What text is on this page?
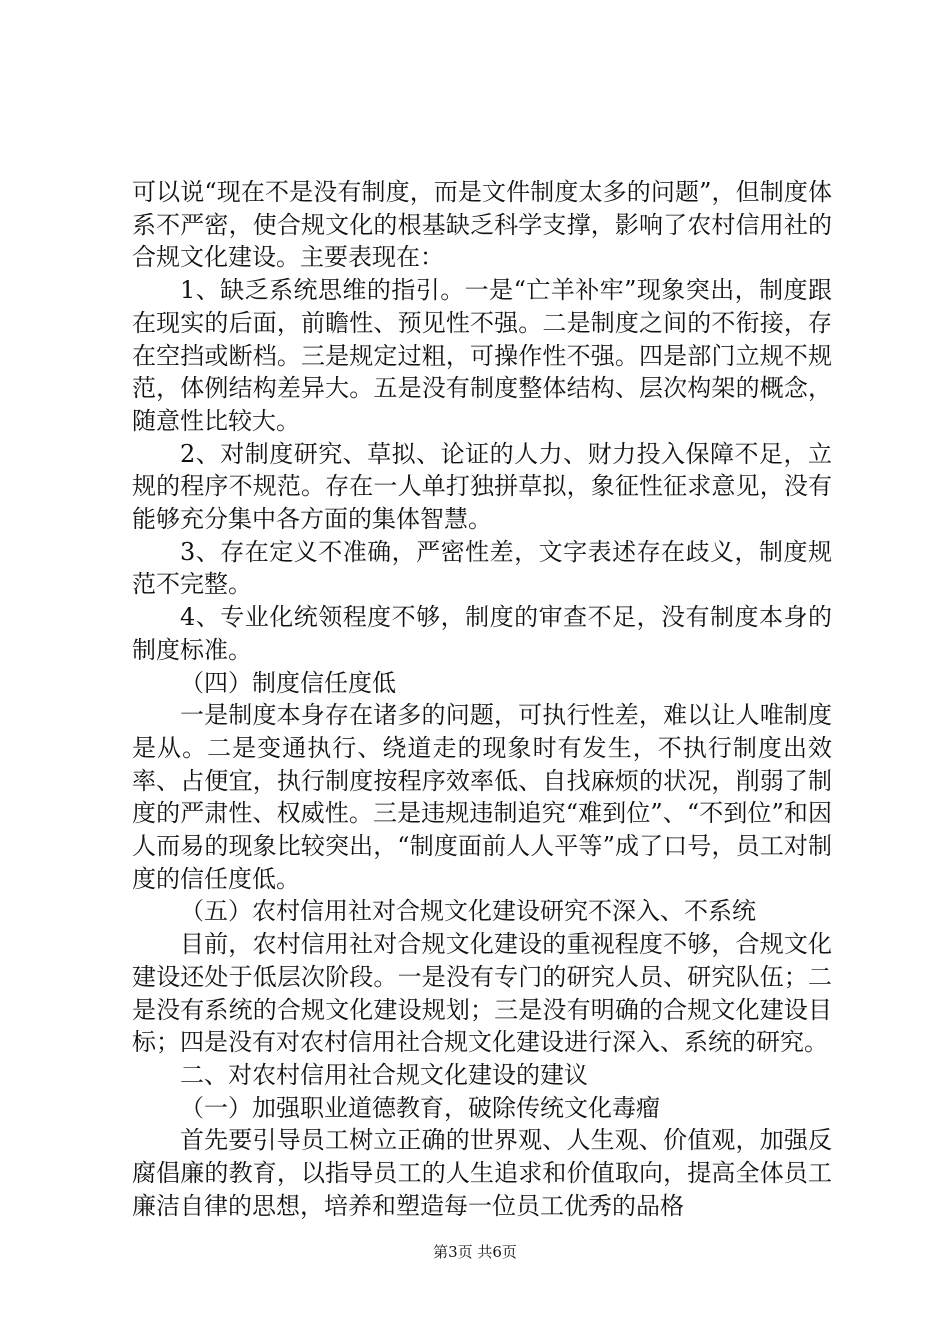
可以说“现在不是没有制度，而是文件制度太多的问题”，但制度体系不严密，使合规文化的根基缺乏科学支撑，影响了农村信用社的合规文化建设。主要表现在：

1、缺乏系统思维的指引。一是“亡羊补牢”现象突出，制度跟在现实的后面，前瞻性、预见性不强。二是制度之间的不衔接，存在空挡或断档。三是规定过粗，可操作性不强。四是部门立规不规范，体例结构差异大。五是没有制度整体结构、层次构架的概念，随意性比较大。

2、对制度研究、草拟、论证的人力、财力投入保障不足，立规的程序不规范。存在一人单打独拼草拟，象征性征求意见，没有能够充分集中各方面的集体智慧。

3、存在定义不准确，严密性差，文字表述存在歧义，制度规范不完整。

4、专业化统领程度不够，制度的审查不足，没有制度本身的制度标准。

（四）制度信任度低

一是制度本身存在诸多的问题，可执行性差，难以让人唯制度是从。二是变通执行、绕道走的现象时有发生，不执行制度出效率、占便宜，执行制度按程序效率低、自找麻烦的状况，削弱了制度的严肃性、权威性。三是违规违制追究“难到位”、“不到位”和因人而易的现象比较突出，“制度面前人人平等”成了口号，员工对制度的信任度低。

（五）农村信用社对合规文化建设研究不深入、不系统

目前，农村信用社对合规文化建设的重视程度不够，合规文化建设还处于低层次阶段。一是没有专门的研究人员、研究队伍；二是没有系统的合规文化建设规划；三是没有明确的合规文化建设目标；四是没有对农村信用社合规文化建设进行深入、系统的研究。

二、对农村信用社合规文化建设的建议

（一）加强职业道德教育，破除传统文化毒瘤

首先要引导员工树立正确的世界观、人生观、价值观，加强反腐倡廉的教育，以指导员工的人生追求和价值取向，提高全体员工廉洁自律的思想，培养和塑造每一位员工优秀的品格

第3页 共6页
